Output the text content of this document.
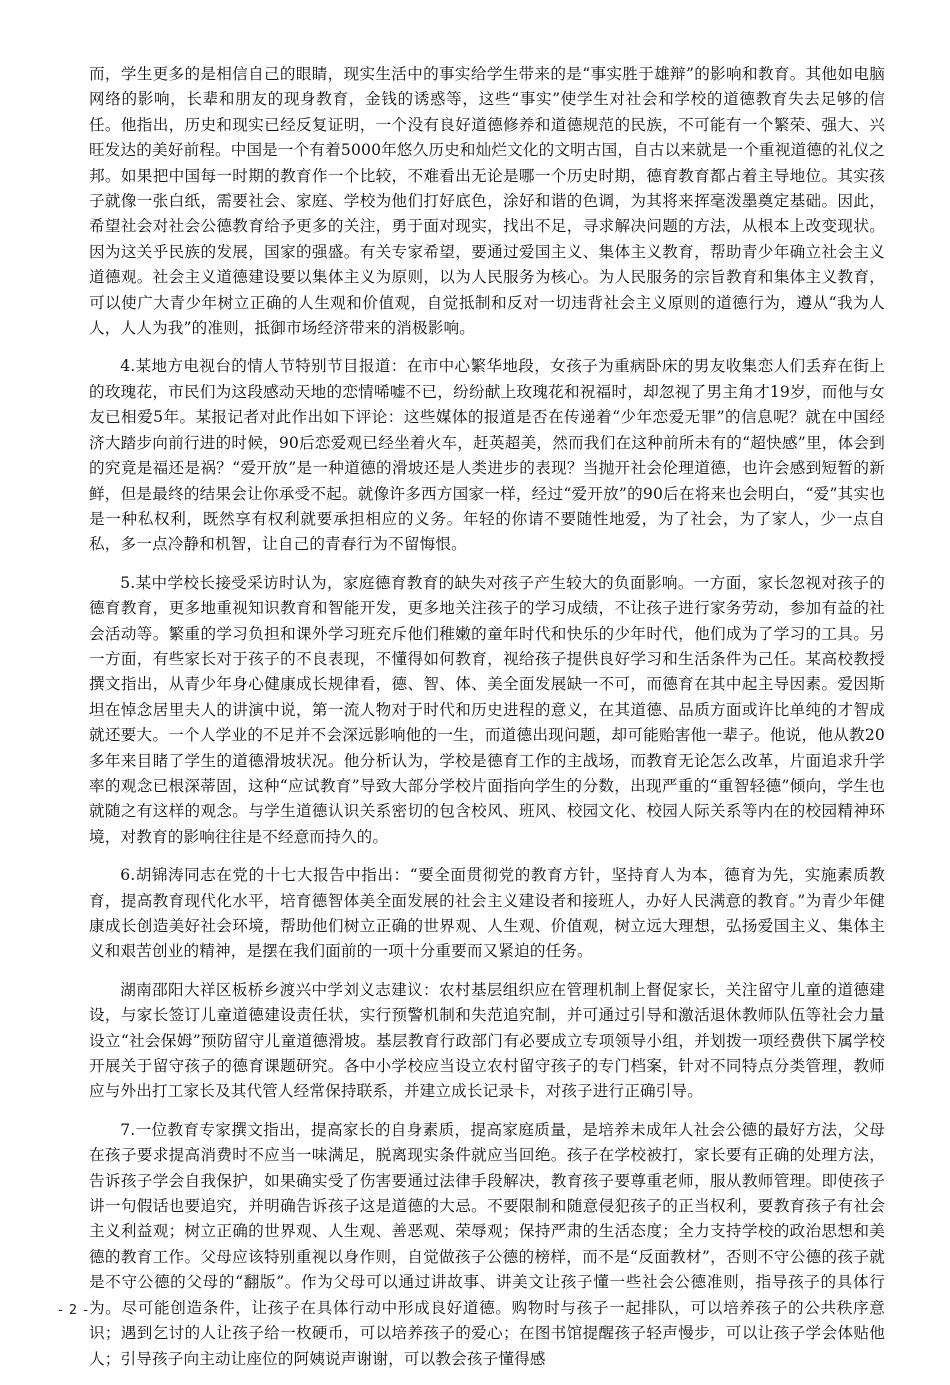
而，学生更多的是相信自己的眼睛，现实生活中的事实给学生带来的是“事实胜于雄辩”的影响和教育。其他如电脑网络的影响，长辈和朋友的现身教育，金钱的诱惑等，这些“事实”使学生对社会和学校的道德教育失去足够的信任。他指出，历史和现实已经反复证明，一个没有良好道德修养和道德规范的民族，不可能有一个繁荣、强大、兴旺发达的美好前程。中国是一个有着5000年悠久历史和灿烂文化的文明古国，自古以来就是一个重视道德的礼仪之邦。如果把中国每一时期的教育作一个比较，不难看出无论是哪一个历史时期，德育教育都占着主导地位。其实孩子就像一张白纸，需要社会、家庭、学校为他们打好底色，涂好和谐的色调，为其将来挥毫泼墨奠定基础。因此，希望社会对社会公德教育给予更多的关注，勇于面对现实，找出不足，寻求解决问题的方法，从根本上改变现状。因为这关乎民族的发展，国家的强盛。有关专家希望，要通过爱国主义、集体主义教育，帮助青少年确立社会主义道德观。社会主义道德建设要以集体主义为原则，以为人民服务为核心。为人民服务的宗旨教育和集体主义教育，可以使广大青少年树立正确的人生观和价值观，自觉抵制和反对一切违背社会主义原则的道德行为，遵从“我为人人，人人为我”的准则，抵御市场经济带来的消极影响。

4.某地方电视台的情人节特别节目报道：在市中心繁华地段，女孩子为重病卧床的男友收集恋人们丢弃在街上的玫瑰花，市民们为这段感动天地的恋情唏嘘不已，纷纷献上玫瑰花和祝福时，却忽视了男主角才19岁，而他与女友已相爱5年。某报记者对此作出如下评论：这些媒体的报道是否在传递着“少年恋爱无罪”的信息呢？就在中国经济大踏步向前行进的时候，90后恋爱观已经坐着火车，赶英超美，然而我们在这种前所未有的“超快感”里，体会到的究竟是福还是祸？“爱开放”是一种道德的滑坡还是人类进步的表现？当抛开社会伦理道德，也许会感到短暂的新鲜，但是最终的结果会让你承受不起。就像许多西方国家一样，经过“爱开放”的90后在将来也会明白，“爱”其实也是一种私权利，既然享有权利就要承担相应的义务。年轻的你请不要随性地爱，为了社会，为了家人，少一点自私，多一点冷静和机智，让自己的青春行为不留悔恨。

5.某中学校长接受采访时认为，家庭德育教育的缺失对孩子产生较大的负面影响。一方面，家长忽视对孩子的德育教育，更多地重视知识教育和智能开发，更多地关注孩子的学习成绩，不让孩子进行家务劳动，参加有益的社会活动等。繁重的学习负担和课外学习班充斥他们稚嫩的童年时代和快乐的少年时代，他们成为了学习的工具。另一方面，有些家长对于孩子的不良表现，不懂得如何教育，视给孩子提供良好学习和生活条件为己任。某高校教授撰文指出，从青少年身心健康成长规律看，德、智、体、美全面发展缺一不可，而德育在其中起主导因素。爱因斯坦在悼念居里夫人的讲演中说，第一流人物对于时代和历史进程的意义，在其道德、品质方面或许比单纯的才智成就还要大。一个人学业的不足并不会深远影响他的一生，而道德出现问题，却可能贻害他一辈子。他说，他从教20多年来目睹了学生的道德滑坡状况。他分析认为，学校是德育工作的主战场，而教育无论怎么改革，片面追求升学率的观念已根深蒂固，这种“应试教育”导致大部分学校片面指向学生的分数，出现严重的“重智轻德”倾向，学生也就随之有这样的观念。与学生道德认识关系密切的包含校风、班风、校园文化、校园人际关系等内在的校园精神环境，对教育的影响往往是不经意而持久的。

6.胡锦涛同志在党的十七大报告中指出：“要全面贯彻党的教育方针，坚持育人为本，德育为先，实施素质教育，提高教育现代化水平，培育德智体美全面发展的社会主义建设者和接班人，办好人民满意的教育。”为青少年健康成长创造美好社会环境，帮助他们树立正确的世界观、人生观、价值观，树立远大理想，弘扬爱国主义、集体主义和艰苦创业的精神，是摆在我们面前的一项十分重要而又紧迫的任务。

湖南邵阳大祥区板桥乡渡兴中学刘义志建议：农村基层组织应在管理机制上督促家长，关注留守儿童的道德建设，与家长签订儿童道德建设责任状，实行预警机制和失范追究制，并可通过引导和激活退休教师队伍等社会力量设立“社会保姆”预防留守儿童道德滑坡。基层教育行政部门有必要成立专项领导小组，并划拨一项经费供下属学校开展关于留守孩子的德育课题研究。各中小学校应当设立农村留守孩子的专门档案，针对不同特点分类管理，教师应与外出打工家长及其代管人经常保持联系，并建立成长记录卡，对孩子进行正确引导。

7.一位教育专家撰文指出，提高家长的自身素质，提高家庭质量，是培养未成年人社会公德的最好方法，父母在孩子要求提高消费时不应当一味满足，脱离现实条件就应当回绝。孩子在学校被打，家长要有正确的处理方法，告诉孩子学会自我保护，如果确实受了伤害要通过法律手段解决，教育孩子要尊重老师，服从教师管理。即使孩子讲一句假话也要追究，并明确告诉孩子这是道德的大忌。不要限制和随意侵犯孩子的正当权利，要教育孩子有社会主义利益观；树立正确的世界观、人生观、善恶观、荣辱观；保持严肃的生活态度；全力支持学校的政治思想和美德的教育工作。父母应该特别重视以身作则，自觉做孩子公德的榜样，而不是“反面教材”，否则不守公德的孩子就是不守公德的父母的“翻版”。作为父母可以通过讲故事、讲美文让孩子懂一些社会公德准则，指导孩子的具体行为。尽可能创造条件，让孩子在具体行动中形成良好道德。购物时与孩子一起排队，可以培养孩子的公共秩序意识；遇到乞讨的人让孩子给一枚硬币，可以培养孩子的爱心；在图书馆提醒孩子轻声慢步，可以让孩子学会体贴他人；引导孩子向主动让座位的阿姨说声谢谢，可以教会孩子懂得感

- 2 -
